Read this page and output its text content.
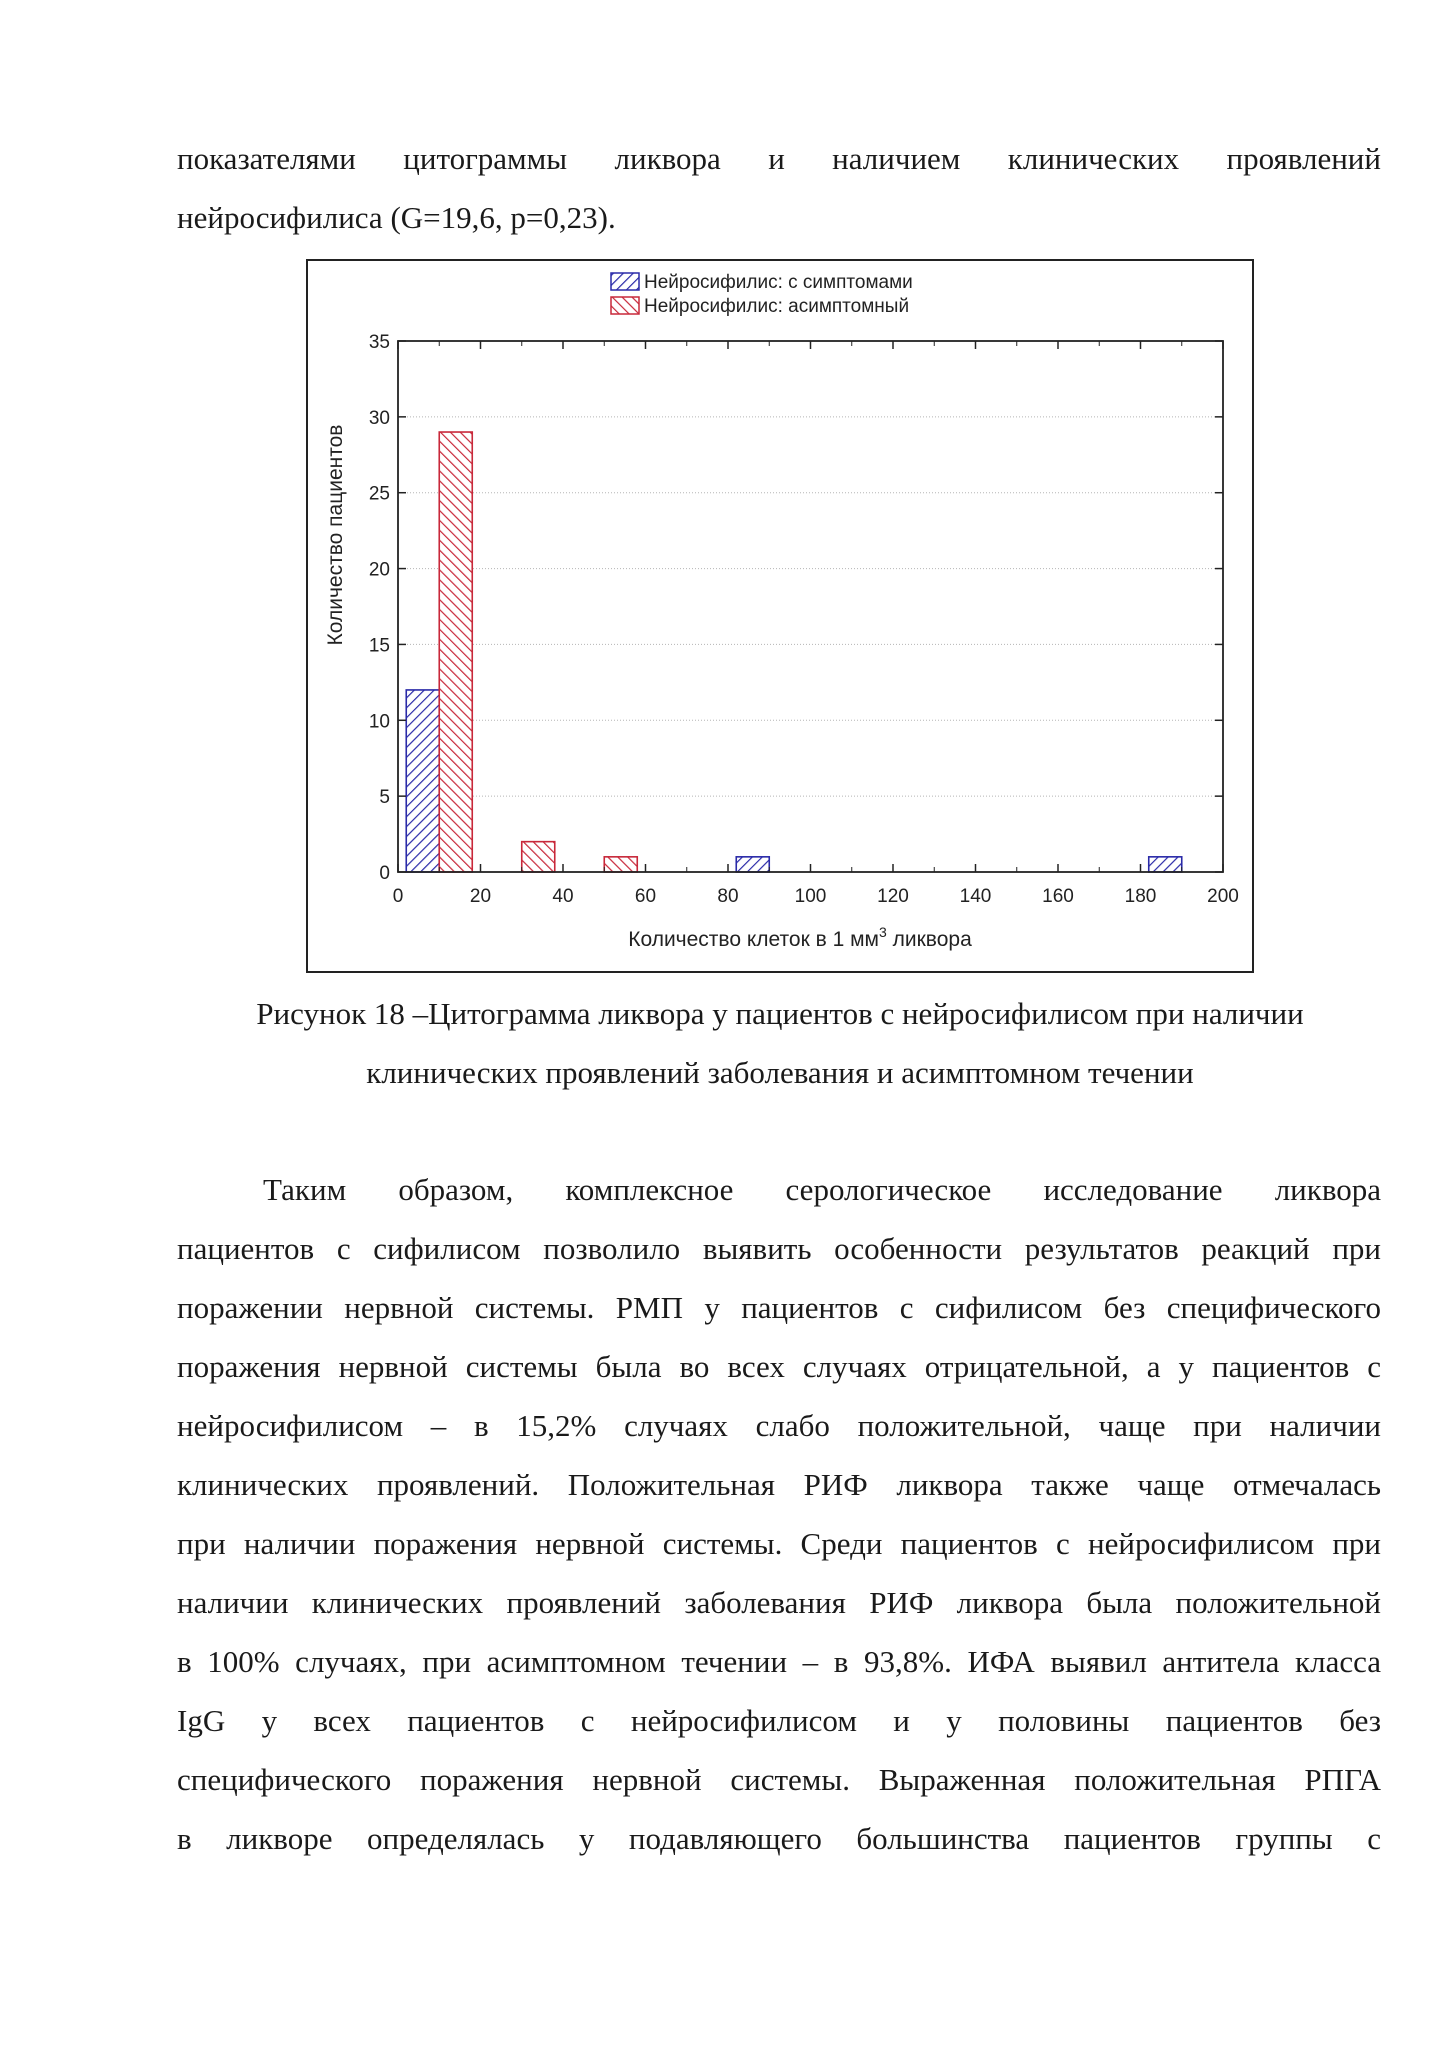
показателями цитограммы ликвора и наличием клинических проявлений
нейросифилиса (G=19,6, p=0,23).

0
5
10
15
20
25
30
35
0	20	40	60	80	100	120	140	160	180	200
Нейросифилис: с симптомами
Нейросифилис: асимптомный
Количество пациентов
Количество клеток в 1 $мм^3$ ликвора
Рисунок 18 –Цитограмма ликвора у пациентов с нейросифилисом при наличии
клинических проявлений заболевания и асимптомном течении

Таким образом, комплексное серологическое исследование ликвора
пациентов с сифилисом позволило выявить особенности результатов реакций при
поражении нервной системы. РМП у пациентов с сифилисом без специфического
поражения нервной системы была во всех случаях отрицательной, а у пациентов с
нейросифилисом – в 15,2% случаях слабо положительной, чаще при наличии
клинических проявлений. Положительная РИФ ликвора также чаще отмечалась
при наличии поражения нервной системы. Среди пациентов с нейросифилисом при
наличии клинических проявлений заболевания РИФ ликвора была положительной
в 100% случаях, при асимптомном течении – в 93,8%. ИФА выявил антитела класса
IgG у всех пациентов с нейросифилисом и у половины пациентов без
специфического поражения нервной системы. Выраженная положительная РПГА
в ликворе определялась у подавляющего большинства пациентов группы с
